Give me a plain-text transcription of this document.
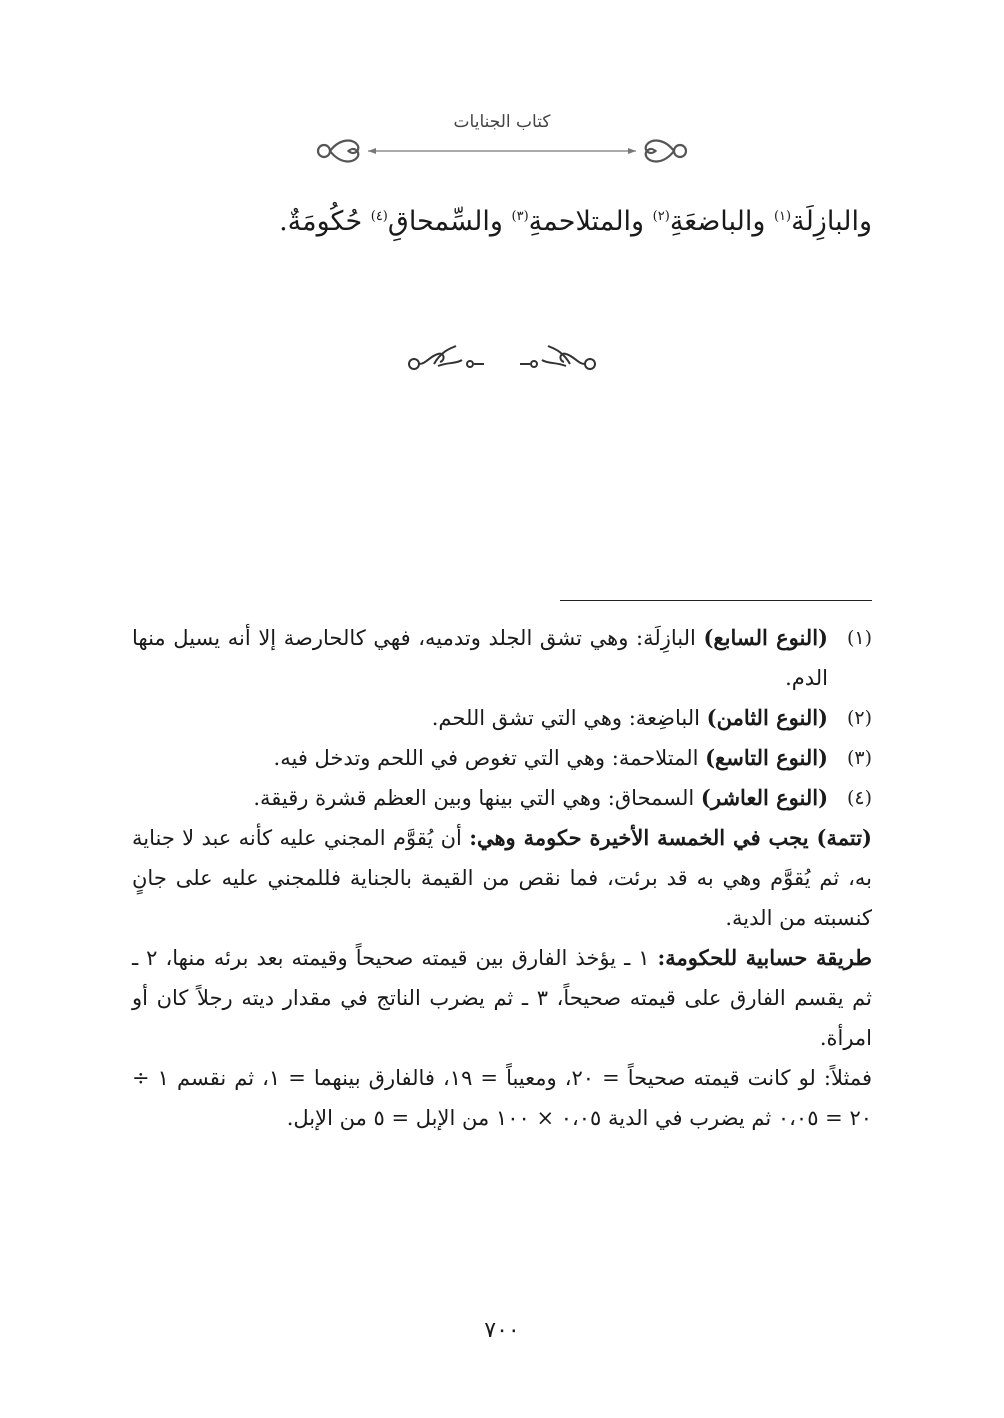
كتاب الجنايات
والبازِلَة$^{(١)}$ والباضعَةِ$^{(٢)}$ والمتلاحمةِ$^{(٣)}$ والسِّمحاقِ$^{(٤)}$ حُكُومَةٌ.
(١)
(النوع السابع) البازِلَة: وهي تشق الجلد وتدميه، فهي كالحارصة إلا أنه يسيل منها الدم.
(٢)
(النوع الثامن) الباضِعة: وهي التي تشق اللحم.
(٣)
(النوع التاسع) المتلاحمة: وهي التي تغوص في اللحم وتدخل فيه.
(٤)
(النوع العاشر) السمحاق: وهي التي بينها وبين العظم قشرة رقيقة.
(تتمة) يجب في الخمسة الأخيرة حكومة وهي: أن يُقوَّم المجني عليه كأنه عبد لا جناية به، ثم يُقوَّم وهي به قد برئت، فما نقص من القيمة بالجناية فللمجني عليه على جانٍ كنسبته من الدية.
طريقة حسابية للحكومة: ١ ـ يؤخذ الفارق بين قيمته صحيحاً وقيمته بعد برئه منها، ٢ ـ ثم يقسم الفارق على قيمته صحيحاً، ٣ ـ ثم يضرب الناتج في مقدار ديته رجلاً كان أو امرأة.
فمثلاً: لو كانت قيمته صحيحاً = ٢٠، ومعيباً = ١٩، فالفارق بينهما = ١، ثم نقسم ١ ÷ ٢٠ = ٠،٠٥ ثم يضرب في الدية ٠،٠٥ × ١٠٠ من الإبل = ٥ من الإبل.
٧٠٠
